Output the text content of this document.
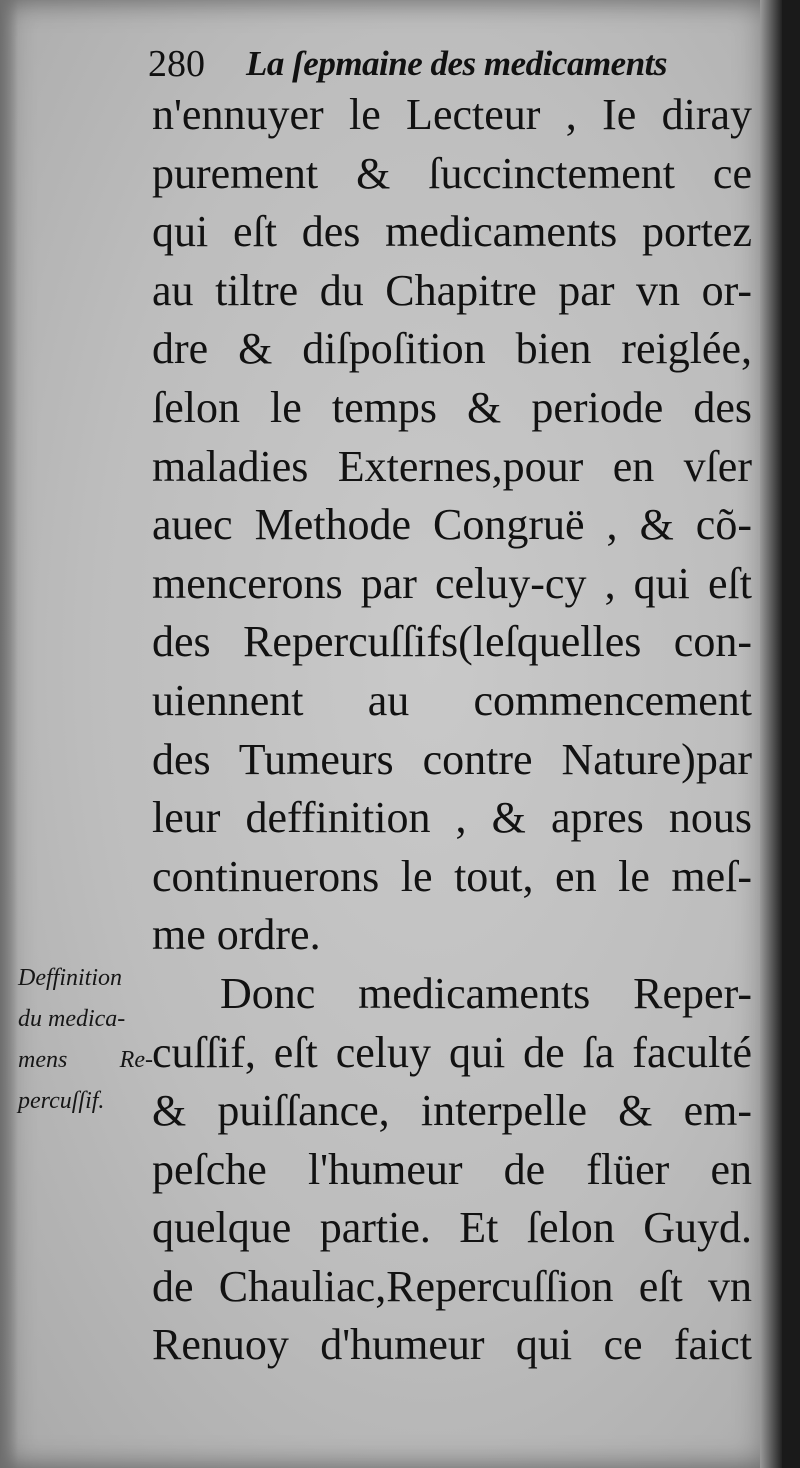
280 La ſepmaine des medicaments
n'ennuyer le Lecteur , Ie diray
purement & ſuccinctement ce
qui eſt des medicaments portez
au tiltre du Chapitre par vn or-
dre & diſpoſition bien reiglée,
ſelon le temps & periode des
maladies Externes,pour en vſer
auec Methode Congruë , & cõ-
mencerons par celuy-cy , qui eſt
des Repercuſſifs(leſquelles con-
uiennent au commencement
des Tumeurs contre Nature)par
leur deffinition , & apres nous
continuerons le tout, en le meſ-
me ordre.
Donc medicaments Reper-
cuſſif, eſt celuy qui de ſa faculté
& puiſſance, interpelle & em-
peſche l'humeur de flüer en
quelque partie. Et ſelon Guyd.
de Chauliac,Repercuſſion eſt vn
Renuoy d'humeur qui ce faict
Deffinition
du medica-
mens Re-
percuſſif.
